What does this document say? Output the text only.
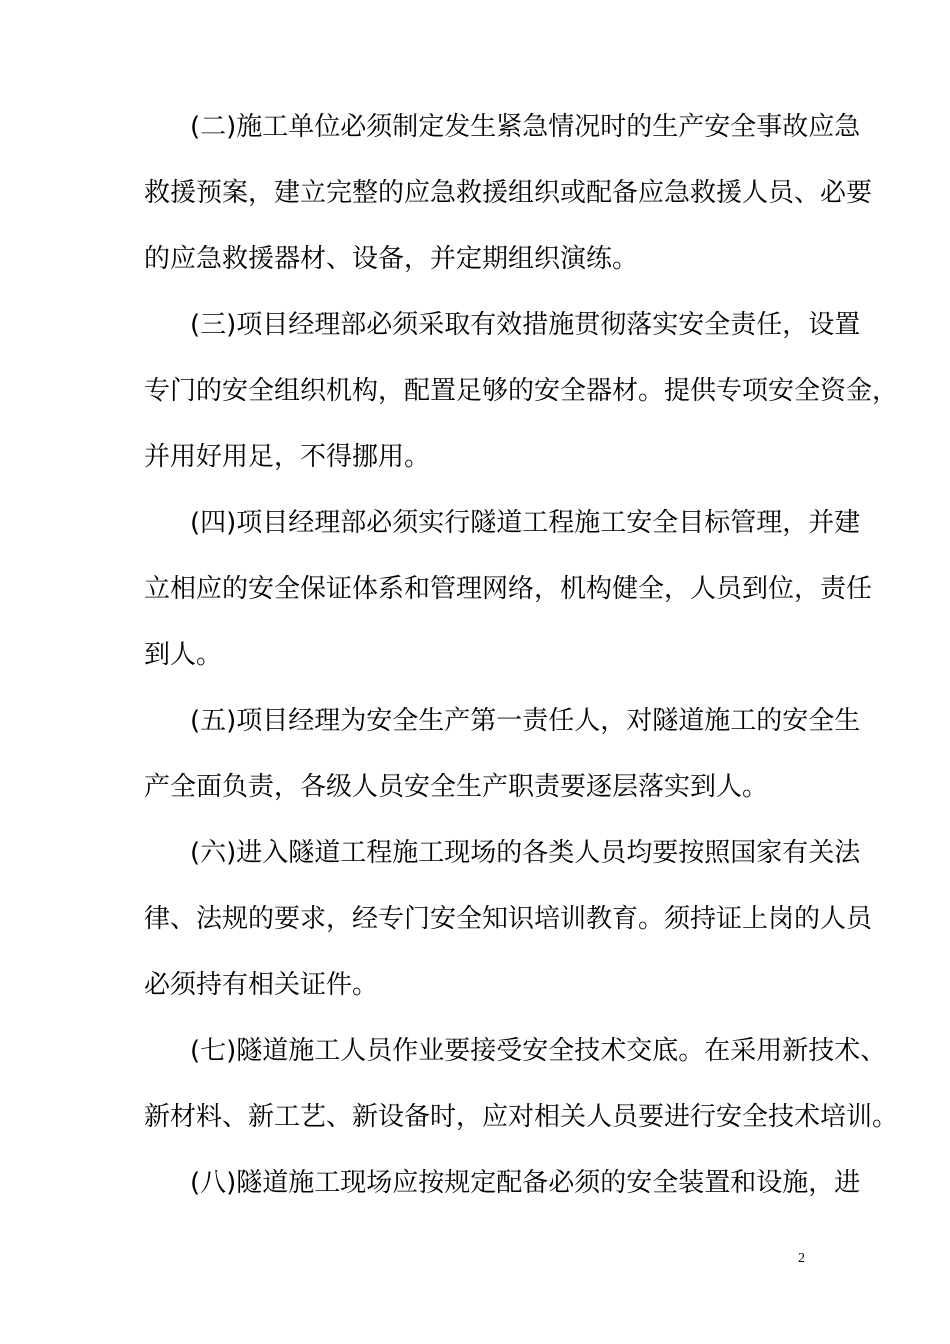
(二)施工单位必须制定发生紧急情况时的生产安全事故应急
救援预案，建立完整的应急救援组织或配备应急救援人员、必要
的应急救援器材、设备，并定期组织演练。
(三)项目经理部必须采取有效措施贯彻落实安全责任，设置
专门的安全组织机构，配置足够的安全器材。提供专项安全资金，
并用好用足，不得挪用。
(四)项目经理部必须实行隧道工程施工安全目标管理，并建
立相应的安全保证体系和管理网络，机构健全，人员到位，责任
到人。
(五)项目经理为安全生产第一责任人，对隧道施工的安全生
产全面负责，各级人员安全生产职责要逐层落实到人。
(六)进入隧道工程施工现场的各类人员均要按照国家有关法
律、法规的要求，经专门安全知识培训教育。须持证上岗的人员
必须持有相关证件。
(七)隧道施工人员作业要接受安全技术交底。在采用新技术、
新材料、新工艺、新设备时，应对相关人员要进行安全技术培训。
(八)隧道施工现场应按规定配备必须的安全装置和设施，进
2
